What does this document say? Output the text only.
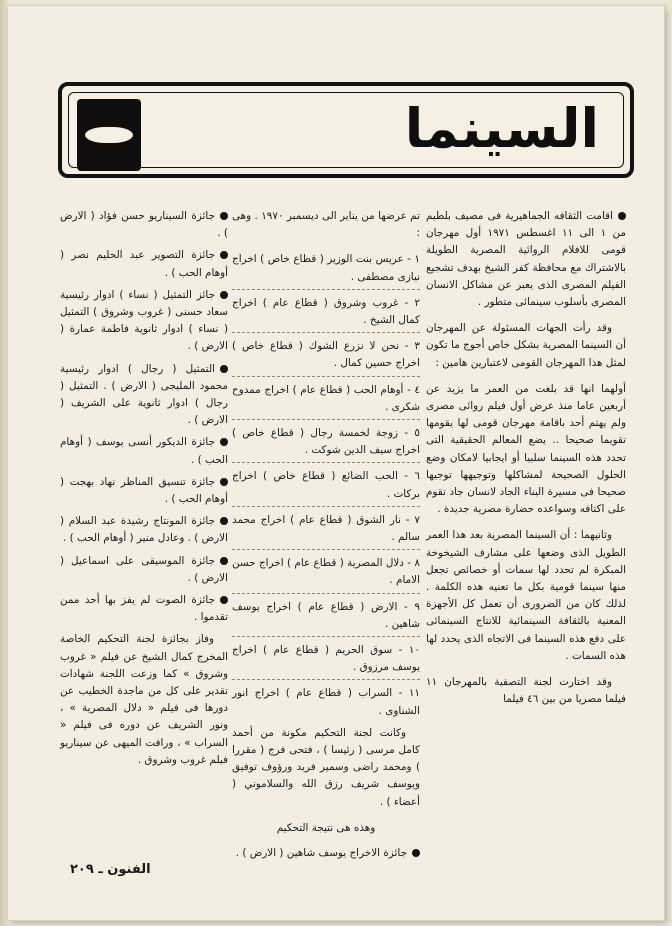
السينما

اقامت الثقافه الجماهيرية فى مصيف بلطيم من ١ الى ١١ اغسطس ١٩٧١ أول مهرجان قومى للافلام الروائية المصرية الطويلة بالاشتراك مع محافظة كفر الشيخ بهدف تشجيع الفيلم المصرى الذى يعبر عن مشاكل الانسان المصرى بأسلوب سينمائى متطور .

وقد رأت الجهات المسئولة عن المهرجان أن السينما المصرية بشكل خاص أحوج ما تكون لمثل هذا المهرجان القومى لاعتبارين هامين :

أولهما انها قد بلغت من العمر ما يزيد عن أربعين عاما منذ عرض أول فيلم روائى مصرى ولم يهتم أحد باقامة مهرجان قومى لها يقومها تقويما صحيحا .. يضع المعالم الحقيقية التى تحدد هذه السينما سلبيا أو ايجابيا لامكان وضع الحلول الصحيحة لمشاكلها وتوجيهها توجيها صحيحا فى مسيرة البناء الجاد لانسان جاد تقوم على اكتافه وسواعده حضارة مصرية جديدة .

وثانيهما : أن السينما المصرية بعد هذا العمر الطويل الذى وضعها على مشارف الشيخوخة المبكرة لم تحدد لها سمات أو خصائص تجعل منها سينما قومية بكل ما تعنيه هذه الكلمة . لذلك كان من الضرورى أن تعمل كل الأجهزة المعنية بالثقافة السينمائية للانتاج السينمائى على دفع هذه السينما فى الاتجاه الذى يحدد لها هذه السمات .

وقد اختارت لجنة التصفية بالمهرجان ١١ فيلما مصريا من بين ٤٦ فيلما

تم عرضها من يناير الى ديسمبر ١٩٧٠ . وهى :

١ - عريس بنت الوزير ( قطاع خاص ) اخراج نيازى مصطفى .
٢ - غروب وشروق ( قطاع عام ) اخراج كمال الشيخ .
٣ - نحن لا نزرع الشوك ( قطاع خاص ) اخراج حسين كمال .
٤ - أوهام الحب ( قطاع عام ) اخراج ممدوح شكرى .
٥ - زوجة لخمسة رجال ( قطاع خاص ) اخراج سيف الدين شوكت .
٦ - الحب الضائع ( قطاع خاص ) اخراج بركات .
٧ - نار الشوق ( قطاع عام ) اخراج محمد سالم .
٨ - دلال المصرية ( قطاع عام ) اخراج حسن الامام .
٩ - الارض ( قطاع عام ) اخراج يوسف شاهين .
١٠ - سوق الحريم ( قطاع عام ) اخراج يوسف مرزوق .
١١ - السراب ( قطاع عام ) اخراج انور الشناوى .

وكانت لجنة التحكيم مكونة من أحمد كامل مرسى ( رئيسا ) ، فتحى فرج ( مقررا ) ومحمد راضى وسمير فريد ورؤوف توفيق ويوسف شريف رزق الله والسلاموني ( أعضاء ) .

وهذه هى نتيجة التحكيم

جائزة الاخراج يوسف شاهين ( الارض ) .

جائزة السيناريو حسن فؤاد ( الارض ) .

جائزة التصوير عبد الحليم نصر ( أوهام الحب ) .

جائز التمثيل ( نساء ) ادوار رئيسية سعاد حسنى ( غروب وشروق ) التمثيل ( نساء ) ادوار ثانوية فاطمة عمارة ( الارض ) .

التمثيل ( رجال ) ادوار رئيسية محمود المليجى ( الارض ) . التمثيل ( رجال ) ادوار ثانوية على الشريف ( الارض ) .

جائزة الديكور أنسى يوسف ( أوهام الحب ) .

جائزة تنسيق المناظر نهاد بهجت ( أوهام الحب ) .

جائزة المونتاج رشيدة عبد السلام ( الارض ) . وعادل منير ( أوهام الحب ) .

جائزة الموسيقى على اسماعيل ( الارض ) .

جائزة الصوت لم يفز بها أحد ممن تقدموا .

وفاز بجائزة لجنة التحكيم الخاصة المخرج كمال الشيخ عن فيلم « غروب وشروق » كما وزعت اللجنة شهادات تقدير على كل من ماجدة الخطيب عن دورها فى فيلم « دلال المصرية » ، ونور الشريف عن دوره فى فيلم « السراب » ، ورافت الميهى عن سيناريو فيلم غروب وشروق .

الفنون ـ ٢٠٩
